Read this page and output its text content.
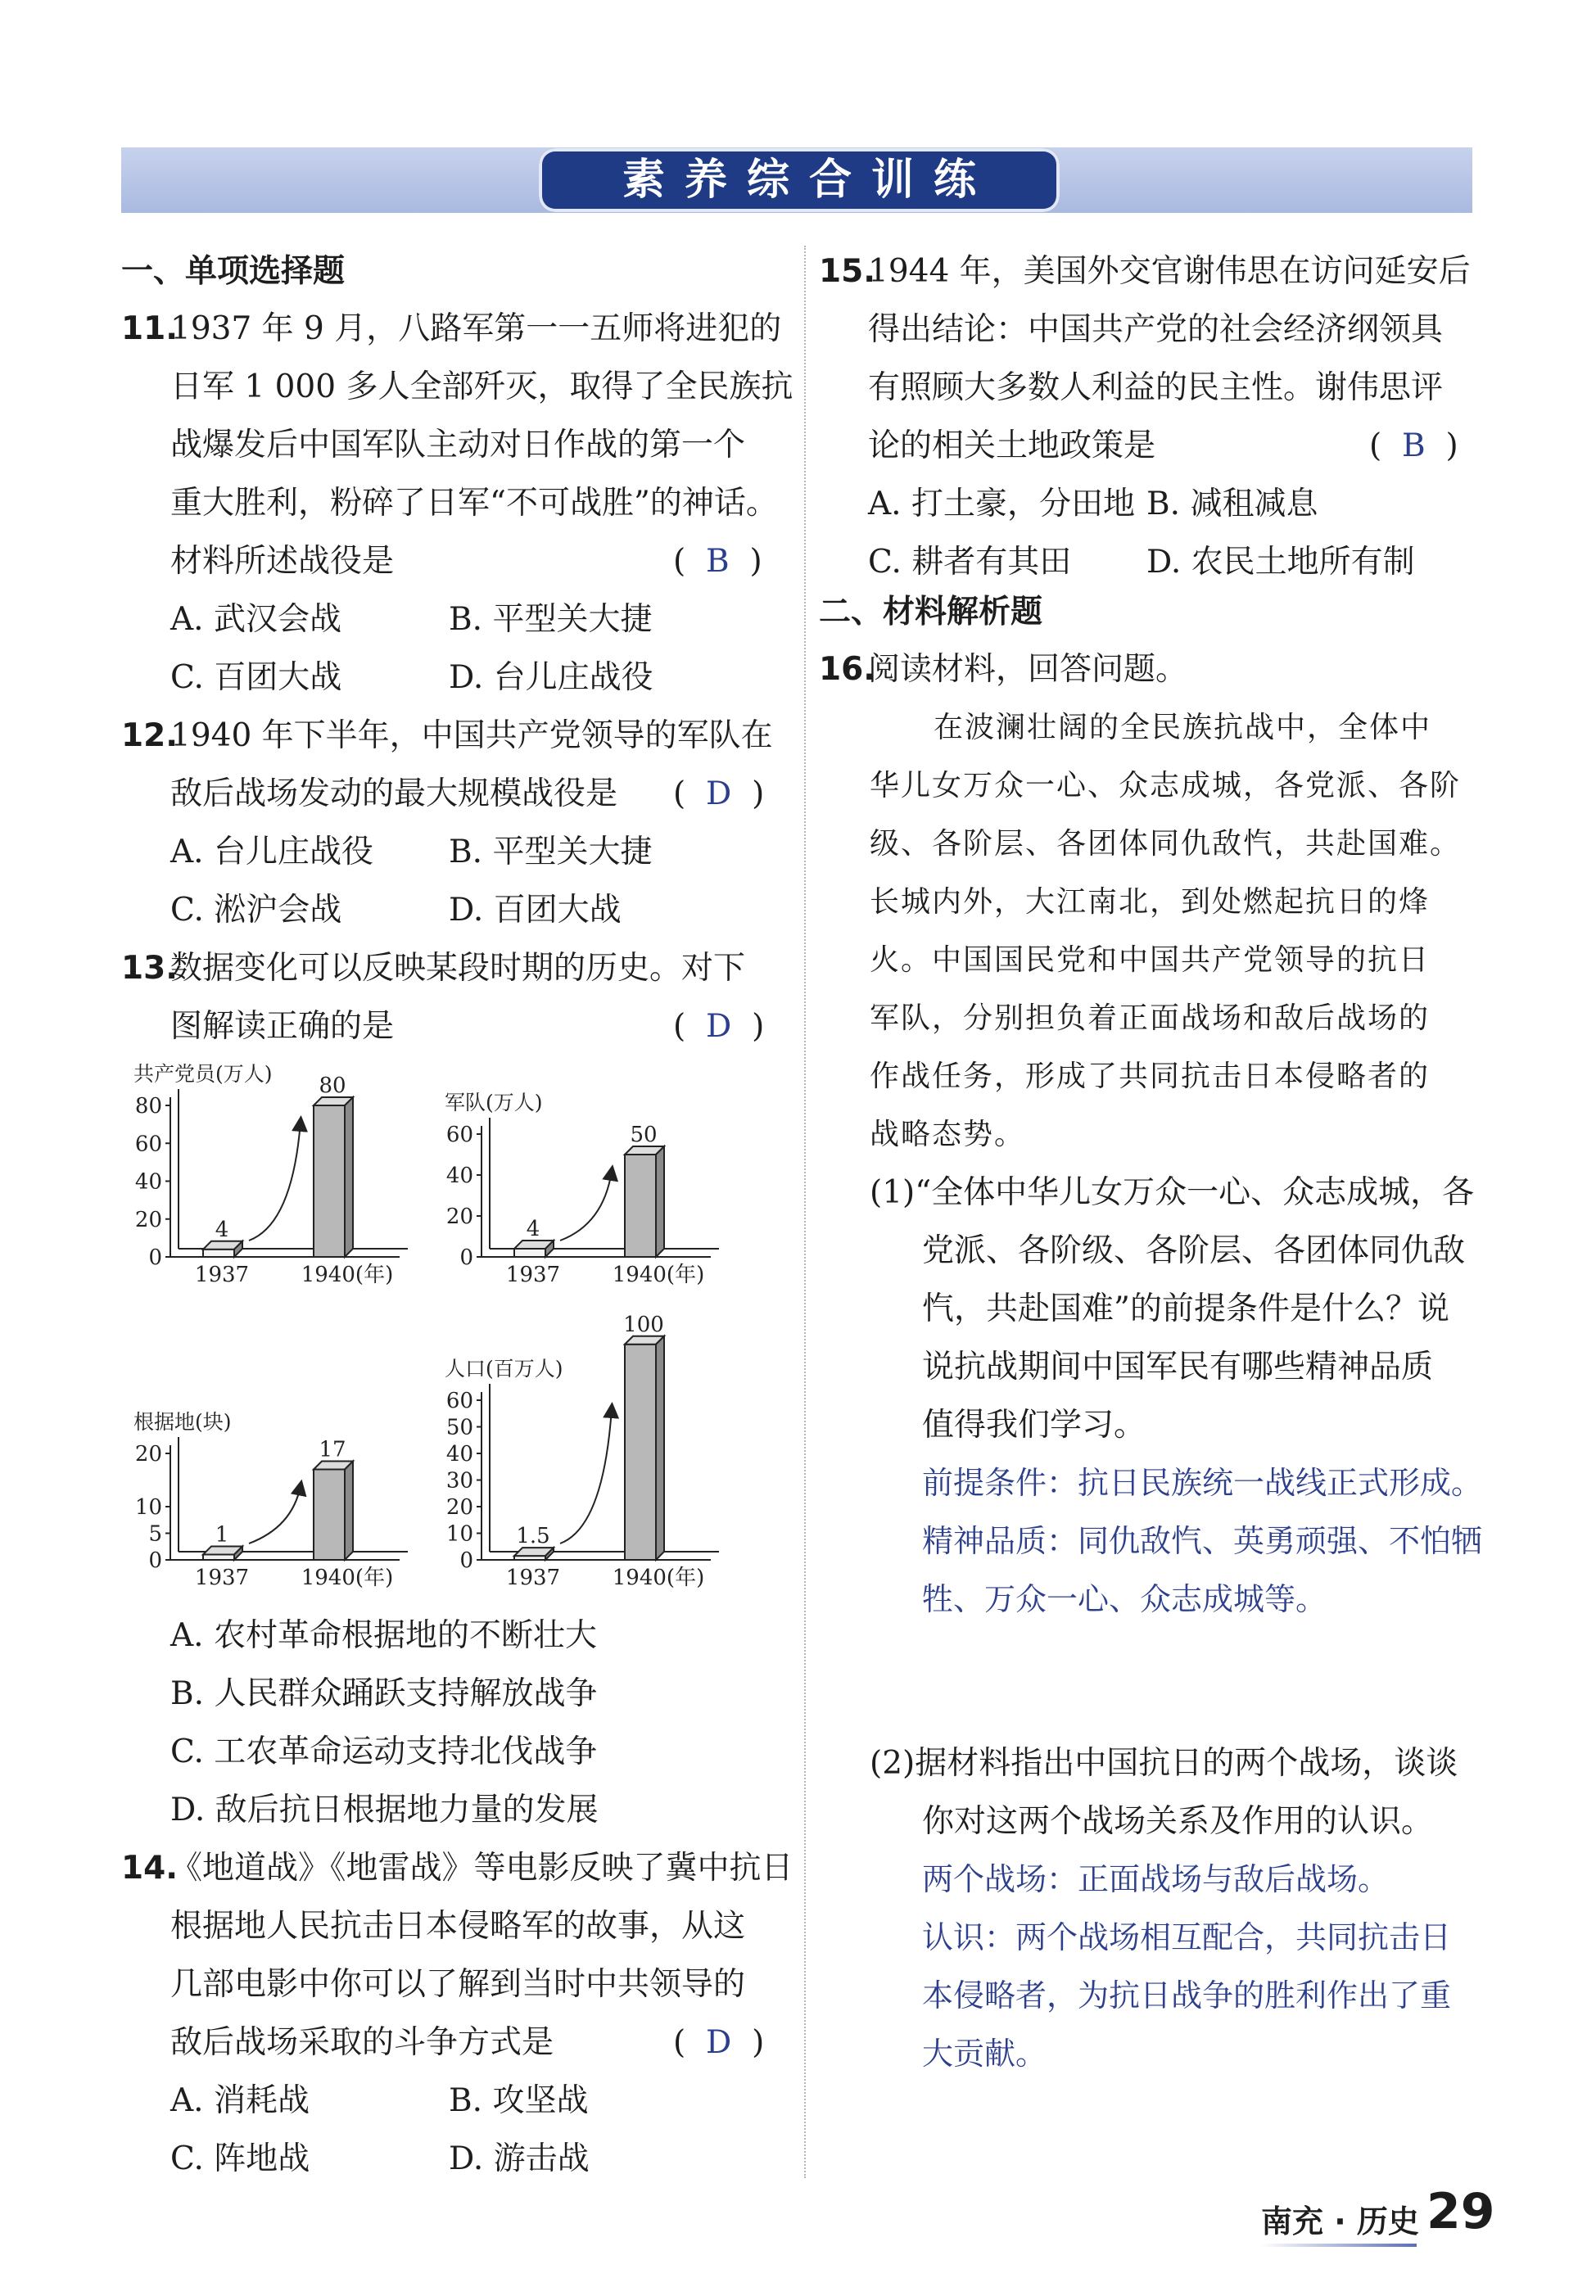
素养综合训练
一、单项选择题
11.
1937 年 9 月，八路军第一一五师将进犯的
日军 1 000 多人全部歼灭，取得了全民族抗
战爆发后中国军队主动对日作战的第一个
重大胜利，粉碎了日军“不可战胜”的神话。
材料所述战役是	(  B  )
A. 武汉会战	B. 平型关大捷
C. 百团大战	D. 台儿庄战役
12.
1940 年下半年，中国共产党领导的军队在
敌后战场发动的最大规模战役是 (  D  )
A. 台儿庄战役 B. 平型关大捷
C. 淞沪会战	D. 百团大战
13.
数据变化可以反映某段时期的历史。对下
图解读正确的是	(  D  )
共产党员(万人)
0
20
40
60
80
4
1937
80
1940(年)
军队(万人)
0
20
40
60
4
1937
50
1940(年)
根据地(块)
0
5
10
20
1
1937
17
1940(年)
人口(百万人)
0
10
20
30
40
50
60
1.5
1937
100
1940(年)
A. 农村革命根据地的不断壮大
B. 人民群众踊跃支持解放战争
C. 工农革命运动支持北伐战争
D. 敌后抗日根据地力量的发展
14.
《地道战》《地雷战》等电影反映了冀中抗日
根据地人民抗击日本侵略军的故事，从这
几部电影中你可以了解到当时中共领导的
敌后战场采取的斗争方式是	(  D  )
A. 消耗战	B. 攻坚战
C. 阵地战	D. 游击战
15.
1944 年，美国外交官谢伟思在访问延安后
得出结论：中国共产党的社会经济纲领具
有照顾大多数人利益的民主性。谢伟思评
论的相关土地政策是	(  B  )
A. 打土豪，分田地 B. 减租减息
C. 耕者有其田 D. 农民土地所有制
二、材料解析题
16.
阅读材料，回答问题。
在波澜壮阔的全民族抗战中，全体中
华儿女万众一心、众志成城，各党派、各阶
级、各阶层、各团体同仇敌忾，共赴国难。
长城内外，大江南北，到处燃起抗日的烽
火。中国国民党和中国共产党领导的抗日
军队，分别担负着正面战场和敌后战场的
作战任务，形成了共同抗击日本侵略者的
战略态势。
(1)“全体中华儿女万众一心、众志成城，各
党派、各阶级、各阶层、各团体同仇敌
忾，共赴国难”的前提条件是什么？说
说抗战期间中国军民有哪些精神品质
值得我们学习。
前提条件：抗日民族统一战线正式形成。
精神品质：同仇敌忾、英勇顽强、不怕牺
牲、万众一心、众志成城等。
(2)据材料指出中国抗日的两个战场，谈谈
你对这两个战场关系及作用的认识。
两个战场：正面战场与敌后战场。
认识：两个战场相互配合，共同抗击日
本侵略者，为抗日战争的胜利作出了重
大贡献。
南充 · 历史 29
